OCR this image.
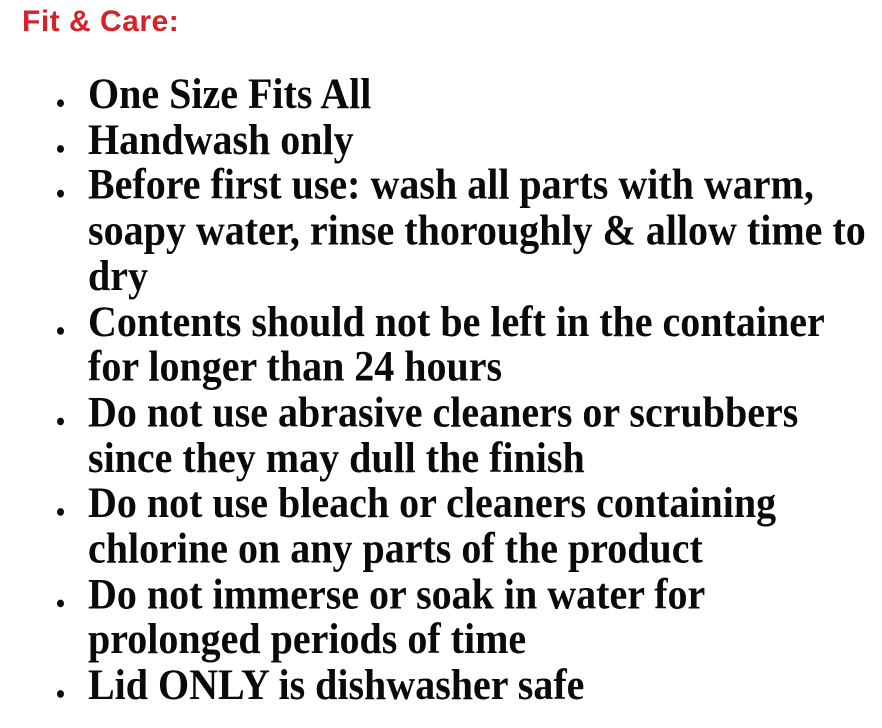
Fit & Care:
One Size Fits All
Handwash only
Before first use: wash all parts with warm, soapy water, rinse thoroughly & allow time to dry
Contents should not be left in the container for longer than 24 hours
Do not use abrasive cleaners or scrubbers since they may dull the finish
Do not use bleach or cleaners containing chlorine on any parts of the product
Do not immerse or soak in water for prolonged periods of time
Lid ONLY is dishwasher safe
